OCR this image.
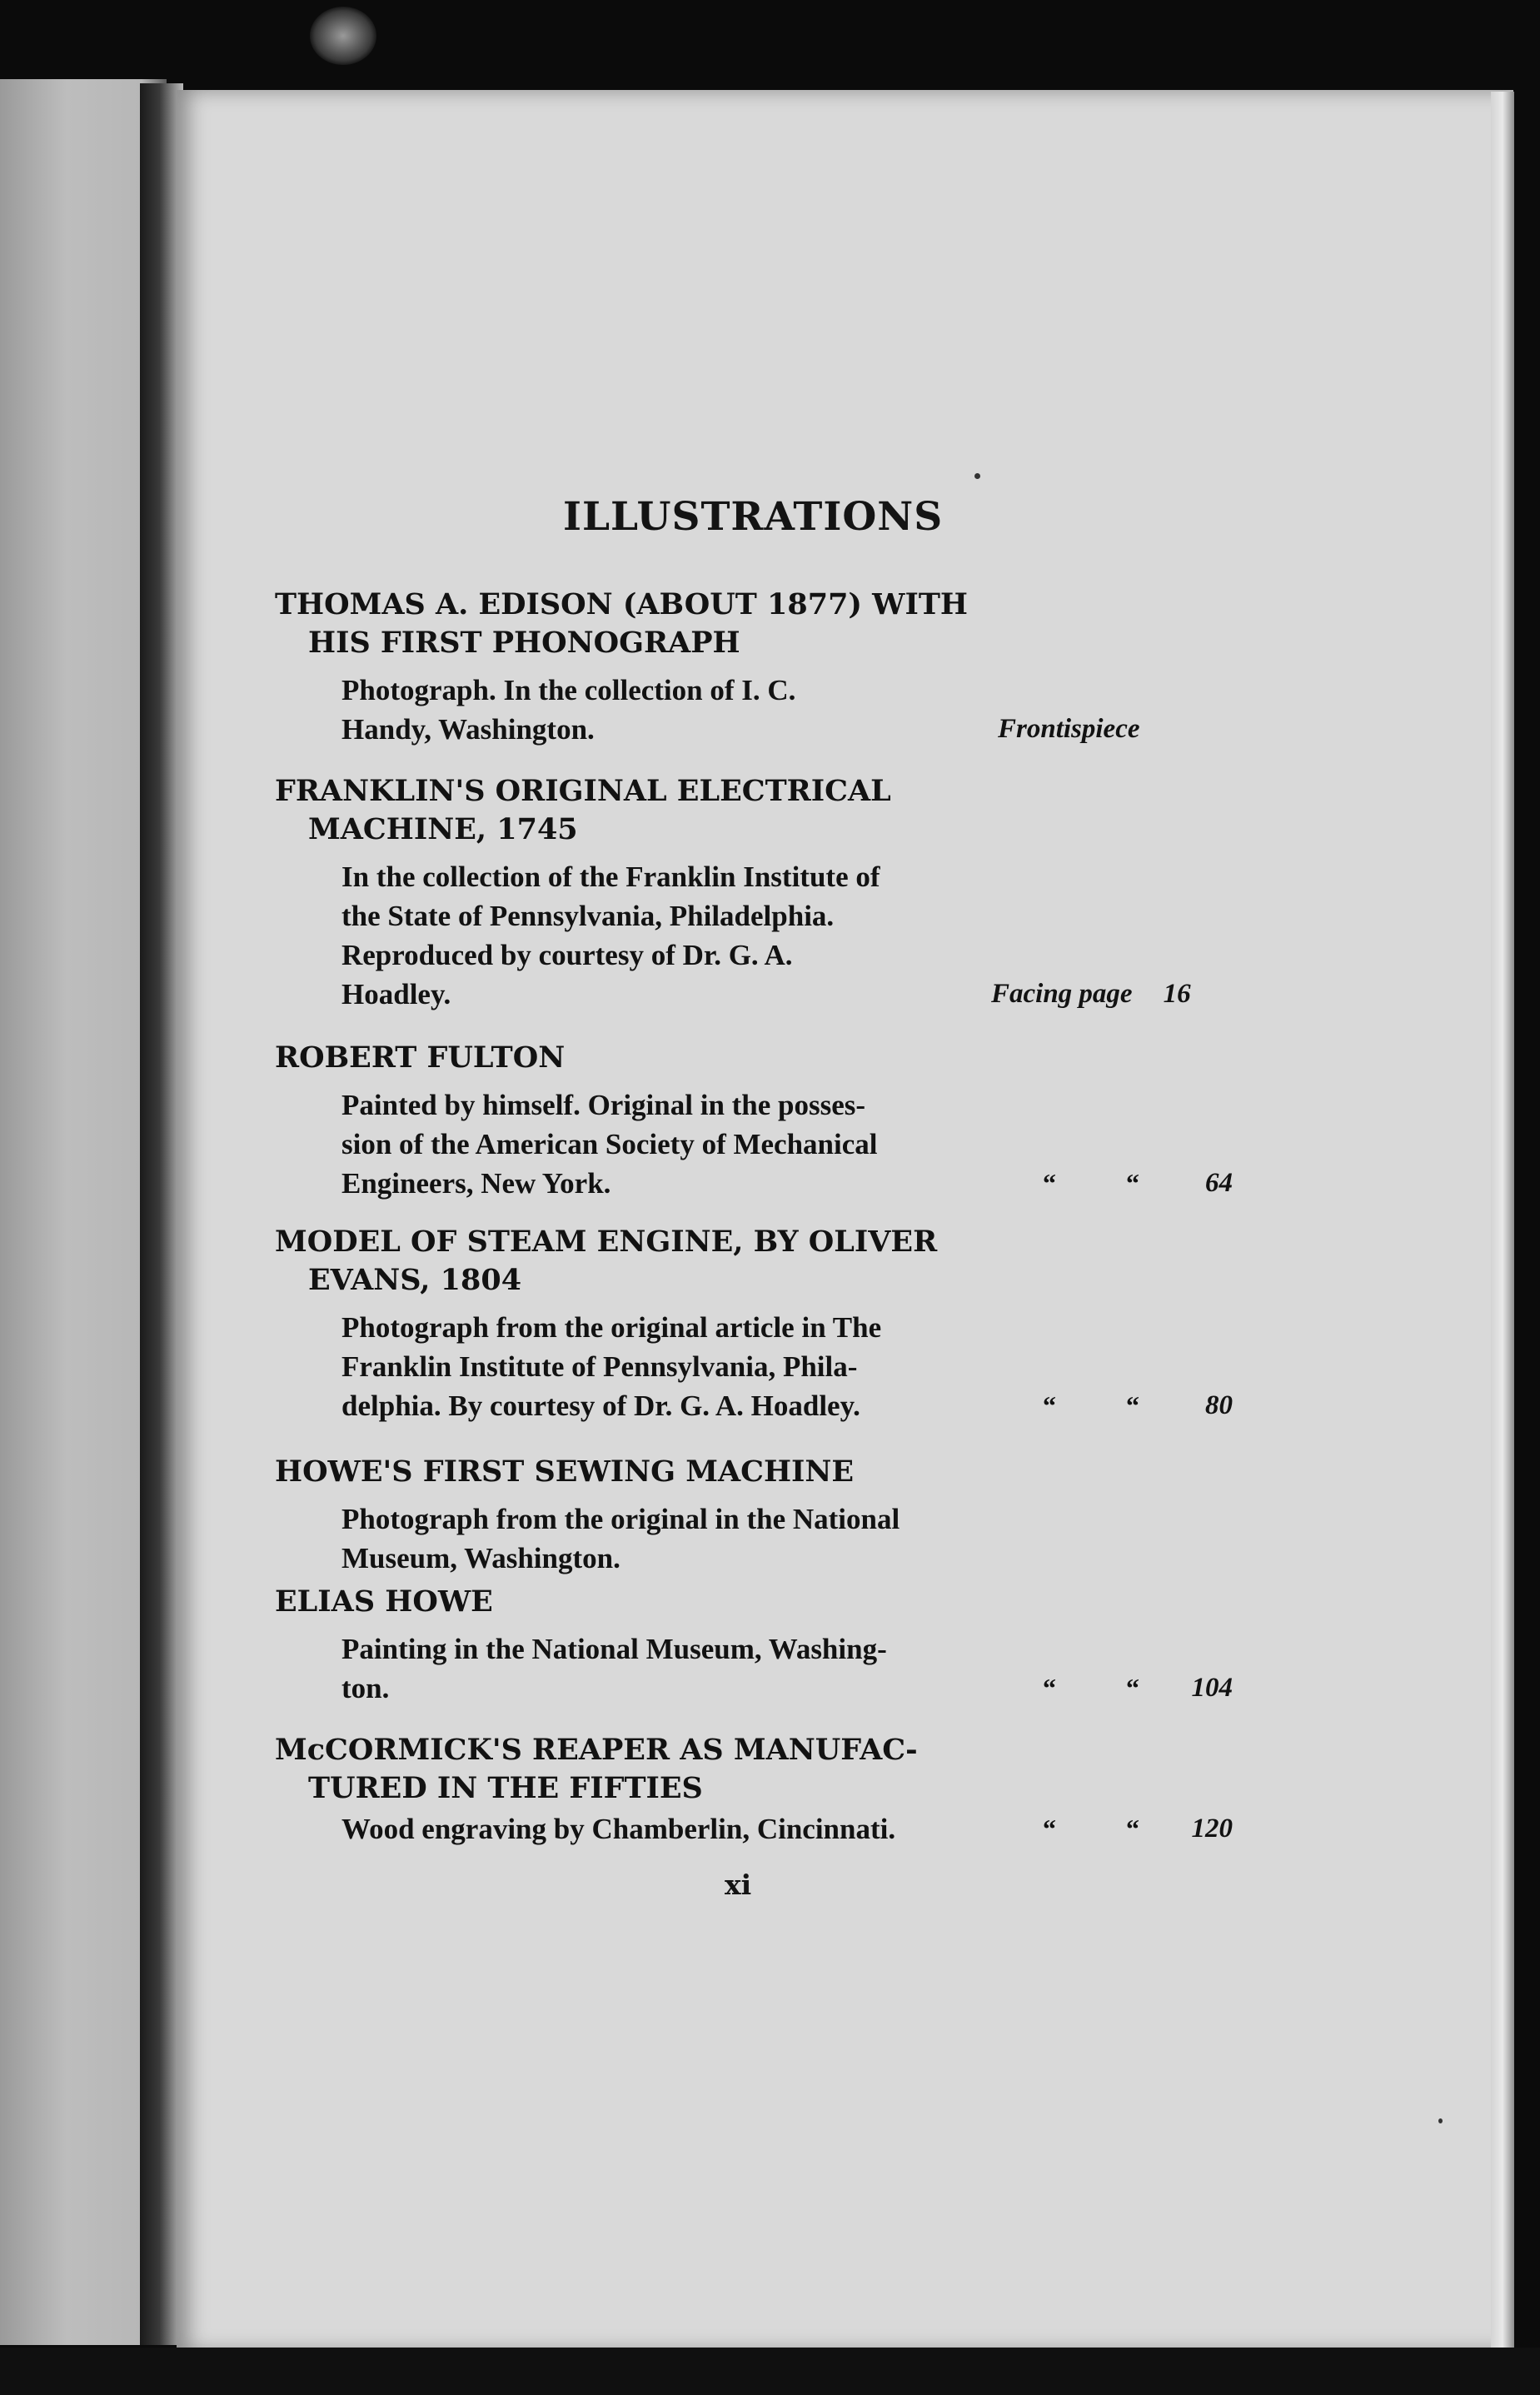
ILLUSTRATIONS
THOMAS A. EDISON (ABOUT 1877) WITH
HIS FIRST PHONOGRAPH
Photograph. In the collection of I. C.
Handy, Washington.	Frontispiece
FRANKLIN'S ORIGINAL ELECTRICAL
MACHINE, 1745
In the collection of the Franklin Institute of
the State of Pennsylvania, Philadelphia.
Reproduced by courtesy of Dr. G. A.
Hoadley.	Facing page	16
ROBERT FULTON
Painted by himself. Original in the posses-
sion of the American Society of Mechanical
Engineers, New York.	“	“	64
MODEL OF STEAM ENGINE, BY OLIVER
EVANS, 1804
Photograph from the original article in The
Franklin Institute of Pennsylvania, Phila-
delphia. By courtesy of Dr. G. A. Hoadley.	“	“	80
HOWE'S FIRST SEWING MACHINE
Photograph from the original in the National
Museum, Washington.
ELIAS HOWE
Painting in the National Museum, Washing-
ton.	“	“	104
McCORMICK'S REAPER AS MANUFAC-
TURED IN THE FIFTIES
Wood engraving by Chamberlin, Cincinnati.	“	“	120
xi
